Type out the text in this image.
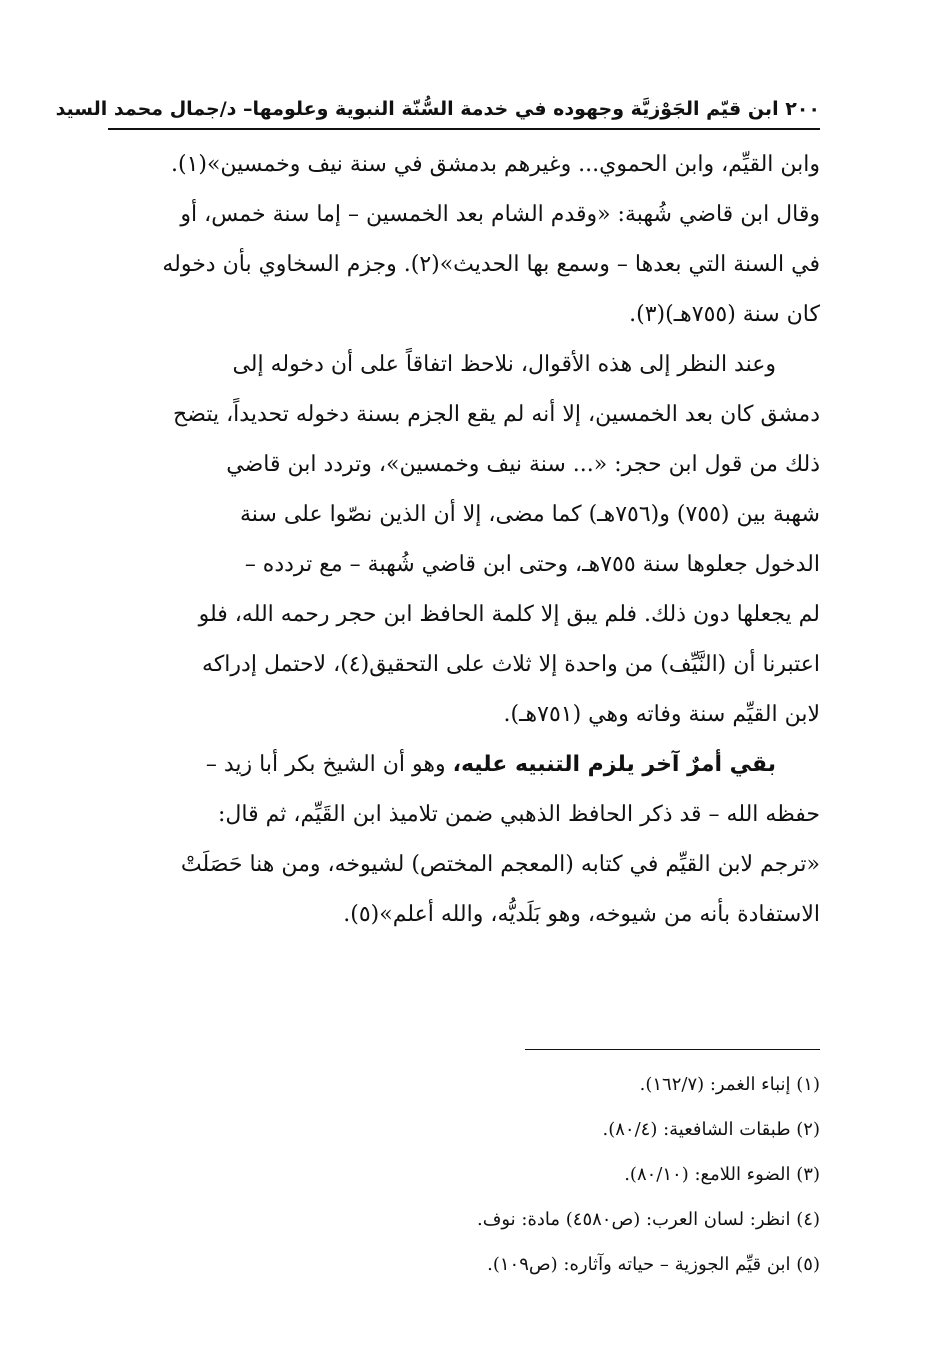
٢٠٠ ابن قيّم الجَوْزيَّة وجهوده في خدمة السُّنّة النبوية وعلومها– د/جمال محمد السيد
وابن القيِّم، وابن الحموي... وغيرهم بدمشق في سنة نيف وخمسين»(١).
وقال ابن قاضي شُهبة: «وقدم الشام بعد الخمسين – إما سنة خمس، أو
في السنة التي بعدها – وسمع بها الحديث»(٢). وجزم السخاوي بأن دخوله
كان سنة (٧٥٥هـ)(٣).
وعند النظر إلى هذه الأقوال، نلاحظ اتفاقاً على أن دخوله إلى
دمشق كان بعد الخمسين، إلا أنه لم يقع الجزم بسنة دخوله تحديداً، يتضح
ذلك من قول ابن حجر: «... سنة نيف وخمسين»، وتردد ابن قاضي
شهبة بين (٧٥٥) و(٧٥٦هـ) كما مضى، إلا أن الذين نصّوا على سنة
الدخول جعلوها سنة ٧٥٥هـ، وحتى ابن قاضي شُهبة – مع تردده –
لم يجعلها دون ذلك. فلم يبق إلا كلمة الحافظ ابن حجر رحمه الله، فلو
اعتبرنا أن (النَّيِّف) من واحدة إلا ثلاث على التحقيق(٤)، لاحتمل إدراكه
لابن القيِّم سنة وفاته وهي (٧٥١هـ).
بقي أمرٌ آخر يلزم التنبيه عليه، وهو أن الشيخ بكر أبا زيد –
حفظه الله – قد ذكر الحافظ الذهبي ضمن تلاميذ ابن القَيِّم، ثم قال:
«ترجم لابن القيِّم في كتابه (المعجم المختص) لشيوخه، ومن هنا حَصَلَتْ
الاستفادة بأنه من شيوخه، وهو بَلَديُّه، والله أعلم»(٥).
(١) إنباء الغمر: (١٦٢/٧).
(٢) طبقات الشافعية: (٨٠/٤).
(٣) الضوء اللامع: (٨٠/١٠).
(٤) انظر: لسان العرب: (ص٤٥٨٠) مادة: نوف.
(٥) ابن قيِّم الجوزية – حياته وآثاره: (ص١٠٩).
